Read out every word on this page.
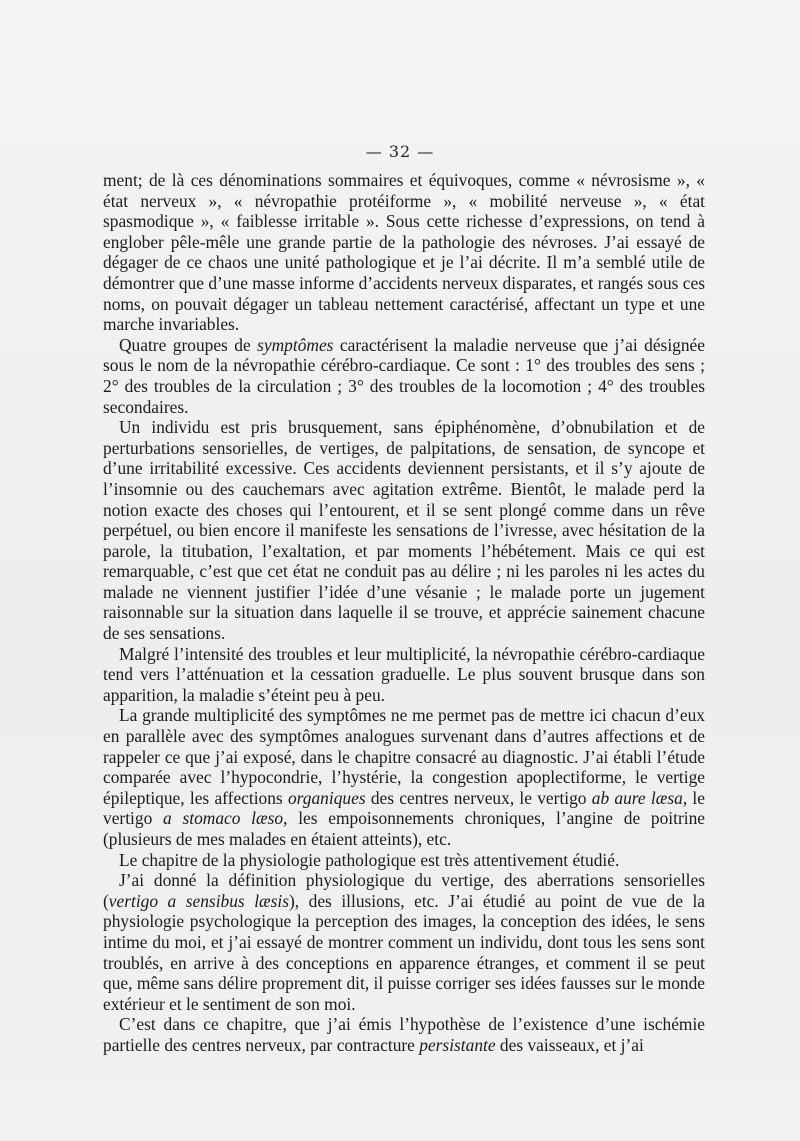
— 32 —

ment; de là ces dénominations sommaires et équivoques, comme « névrosisme », « état nerveux », « névropathie protéiforme », « mobilité nerveuse », « état spasmodique », « faiblesse irritable ». Sous cette richesse d’expressions, on tend à englober pêle-mêle une grande partie de la pathologie des névroses. J’ai essayé de dégager de ce chaos une unité pathologique et je l’ai décrite. Il m’a semblé utile de démontrer que d’une masse informe d’accidents nerveux disparates, et rangés sous ces noms, on pouvait dégager un tableau nettement caractérisé, affectant un type et une marche invariables.

Quatre groupes de symptômes caractérisent la maladie nerveuse que j’ai désignée sous le nom de la névropathie cérébro-cardiaque. Ce sont : 1° des troubles des sens ; 2° des troubles de la circulation ; 3° des troubles de la locomotion ; 4° des troubles secondaires.

Un individu est pris brusquement, sans épiphénomène, d’obnubilation et de perturbations sensorielles, de vertiges, de palpitations, de sensation, de syncope et d’une irritabilité excessive. Ces accidents deviennent persistants, et il s’y ajoute de l’insomnie ou des cauchemars avec agitation extrême. Bientôt, le malade perd la notion exacte des choses qui l’entourent, et il se sent plongé comme dans un rêve perpétuel, ou bien encore il manifeste les sensations de l’ivresse, avec hésitation de la parole, la titubation, l’exaltation, et par moments l’hébétement. Mais ce qui est remarquable, c’est que cet état ne conduit pas au délire ; ni les paroles ni les actes du malade ne viennent justifier l’idée d’une vésanie ; le malade porte un jugement raisonnable sur la situation dans laquelle il se trouve, et apprécie sainement chacune de ses sensations.

Malgré l’intensité des troubles et leur multiplicité, la névropathie cérébro-cardiaque tend vers l’atténuation et la cessation graduelle. Le plus souvent brusque dans son apparition, la maladie s’éteint peu à peu.

La grande multiplicité des symptômes ne me permet pas de mettre ici chacun d’eux en parallèle avec des symptômes analogues survenant dans d’autres affections et de rappeler ce que j’ai exposé, dans le chapitre consacré au diagnostic. J’ai établi l’étude comparée avec l’hypocondrie, l’hystérie, la congestion apoplectiforme, le vertige épileptique, les affections organiques des centres nerveux, le vertigo ab aure læsa, le vertigo a stomaco læso, les empoisonnements chroniques, l’angine de poitrine (plusieurs de mes malades en étaient atteints), etc.

Le chapitre de la physiologie pathologique est très attentivement étudié.

J’ai donné la définition physiologique du vertige, des aberrations sensorielles (vertigo a sensibus læsis), des illusions, etc. J’ai étudié au point de vue de la physiologie psychologique la perception des images, la conception des idées, le sens intime du moi, et j’ai essayé de montrer comment un individu, dont tous les sens sont troublés, en arrive à des conceptions en apparence étranges, et comment il se peut que, même sans délire proprement dit, il puisse corriger ses idées fausses sur le monde extérieur et le sentiment de son moi.

C’est dans ce chapitre, que j’ai émis l’hypothèse de l’existence d’une ischémie partielle des centres nerveux, par contracture persistante des vaisseaux, et j’ai
